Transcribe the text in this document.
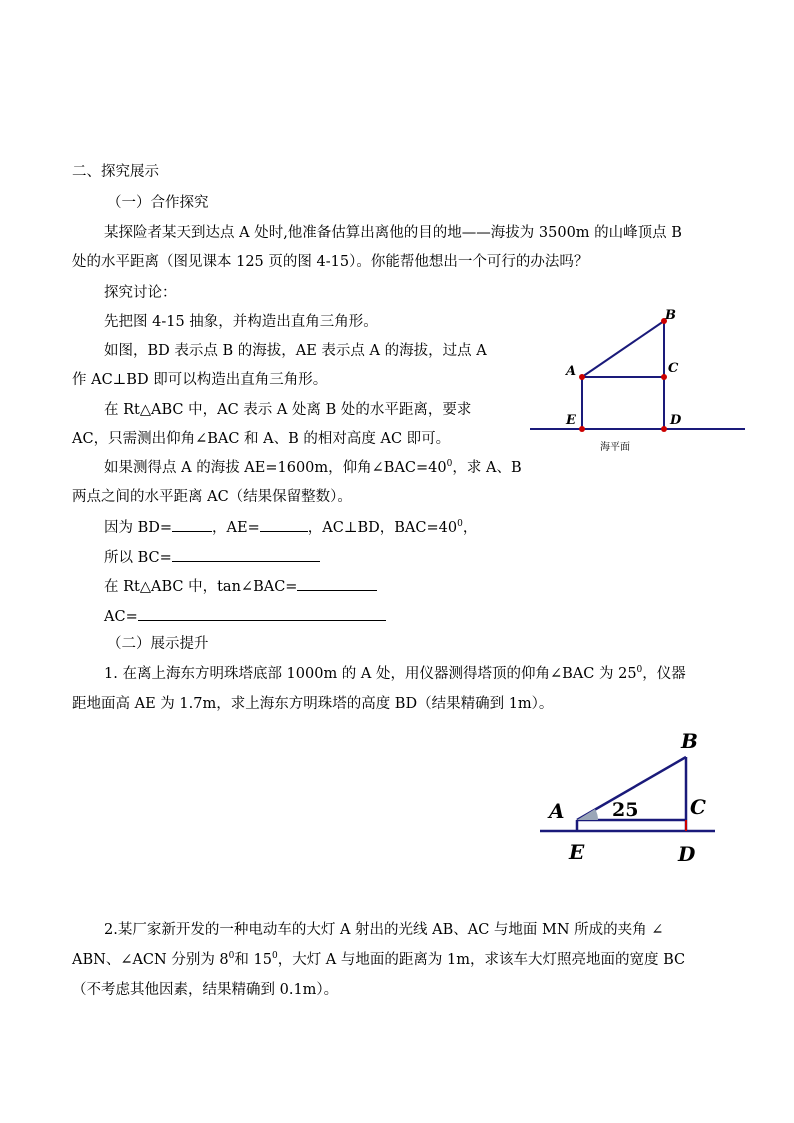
二、探究展示
（一）合作探究
某探险者某天到达点 A 处时,他准备估算出离他的目的地——海拔为 3500m 的山峰顶点 B
处的水平距离（图见课本 125 页的图 4-15）。你能帮他想出一个可行的办法吗？
探究讨论：
先把图 4-15 抽象，并构造出直角三角形。
如图，BD 表示点 B 的海拔，AE 表示点 A 的海拔，过点 A
作 AC⊥BD 即可以构造出直角三角形。
在 Rt△ABC 中，AC 表示 A 处离 B 处的水平距离，要求
AC，只需测出仰角∠BAC 和 A、B 的相对高度 AC 即可。
如果测得点 A 的海拔 AE=1600m，仰角$\angle BAC=40^0$，求 A、B
两点之间的水平距离 AC（结果保留整数）。
因为 BD=	，AE=	，AC⊥BD，$BAC=40^0$，
所以 BC=
在 Rt△ABC 中，tan∠BAC=
AC=
（二）展示提升
1. 在离上海东方明珠塔底部 1000m 的 A 处，用仪器测得塔顶的仰角∠BAC 为 $25^0$，仪器
距地面高 AE 为 1.7m，求上海东方明珠塔的高度 BD（结果精确到 1m）。
2.某厂家新开发的一种电动车的大灯 A 射出的光线 AB、AC 与地面 MN 所成的夹角 ∠
ABN、∠ACN 分别为 $8^0$和 $15^0$，大灯 A 与地面的距离为 1m，求该车大灯照亮地面的宽度 BC
（不考虑其他因素，结果精确到 0.1m）。
B
A	C
E	D
海平面
B
A	C
E	D
25
